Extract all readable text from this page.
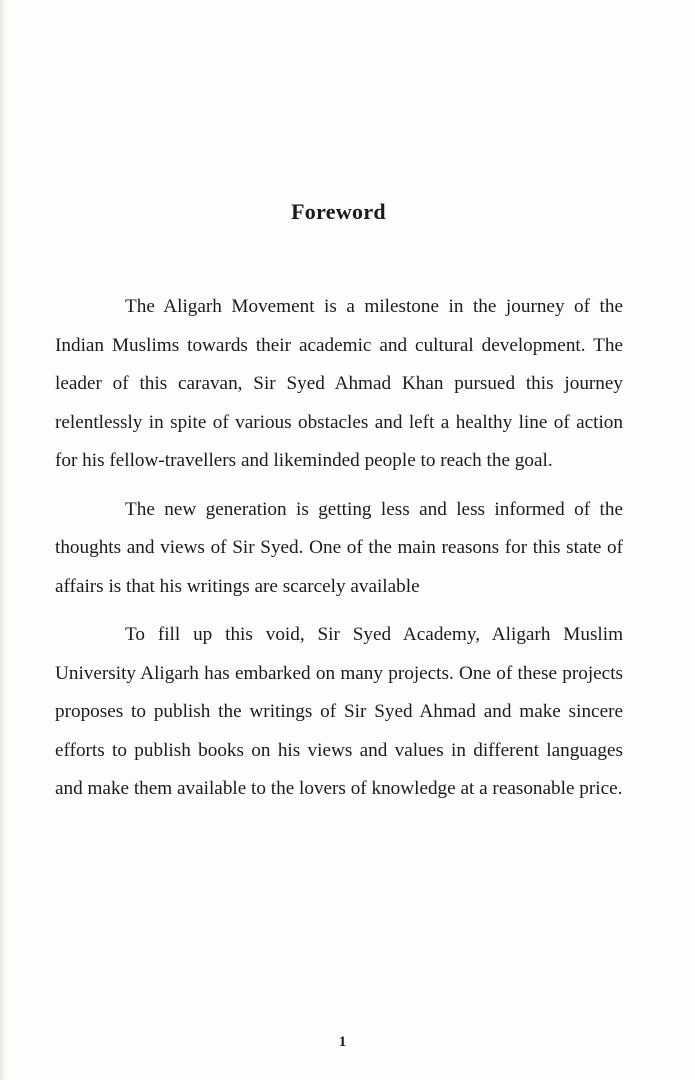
Foreword

The Aligarh Movement is a milestone in the journey of the Indian Muslims towards their academic and cultural development. The leader of this caravan, Sir Syed Ahmad Khan pursued this journey relentlessly in spite of various obstacles and left a healthy line of action for his fellow-travellers and likeminded people to reach the goal.

The new generation is getting less and less informed of the thoughts and views of Sir Syed. One of the main reasons for this state of affairs is that his writings are scarcely available

To fill up this void, Sir Syed Academy, Aligarh Muslim University Aligarh has embarked on many projects. One of these projects proposes to publish the writings of Sir Syed Ahmad and make sincere efforts to publish books on his views and values in different languages and make them available to the lovers of knowledge at a reasonable price.

1
